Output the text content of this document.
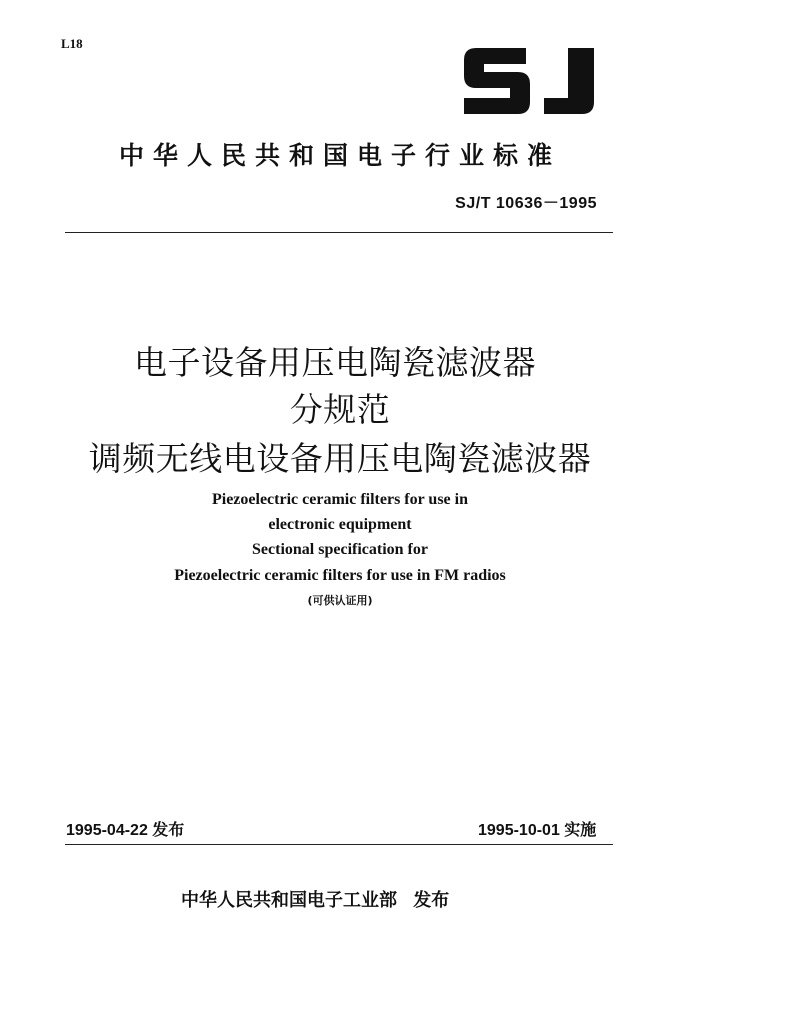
L18
中华人民共和国电子行业标准
SJ/T 10636－1995
电子设备用压电陶瓷滤波器
分规范
调频无线电设备用压电陶瓷滤波器
Piezoelectric ceramic filters for use in
electronic equipment
Sectional specification for
Piezoelectric ceramic filters for use in FM radios
(可供认证用)
1995-04-22 发布	1995-10-01 实施
中华人民共和国电子工业部 发布
